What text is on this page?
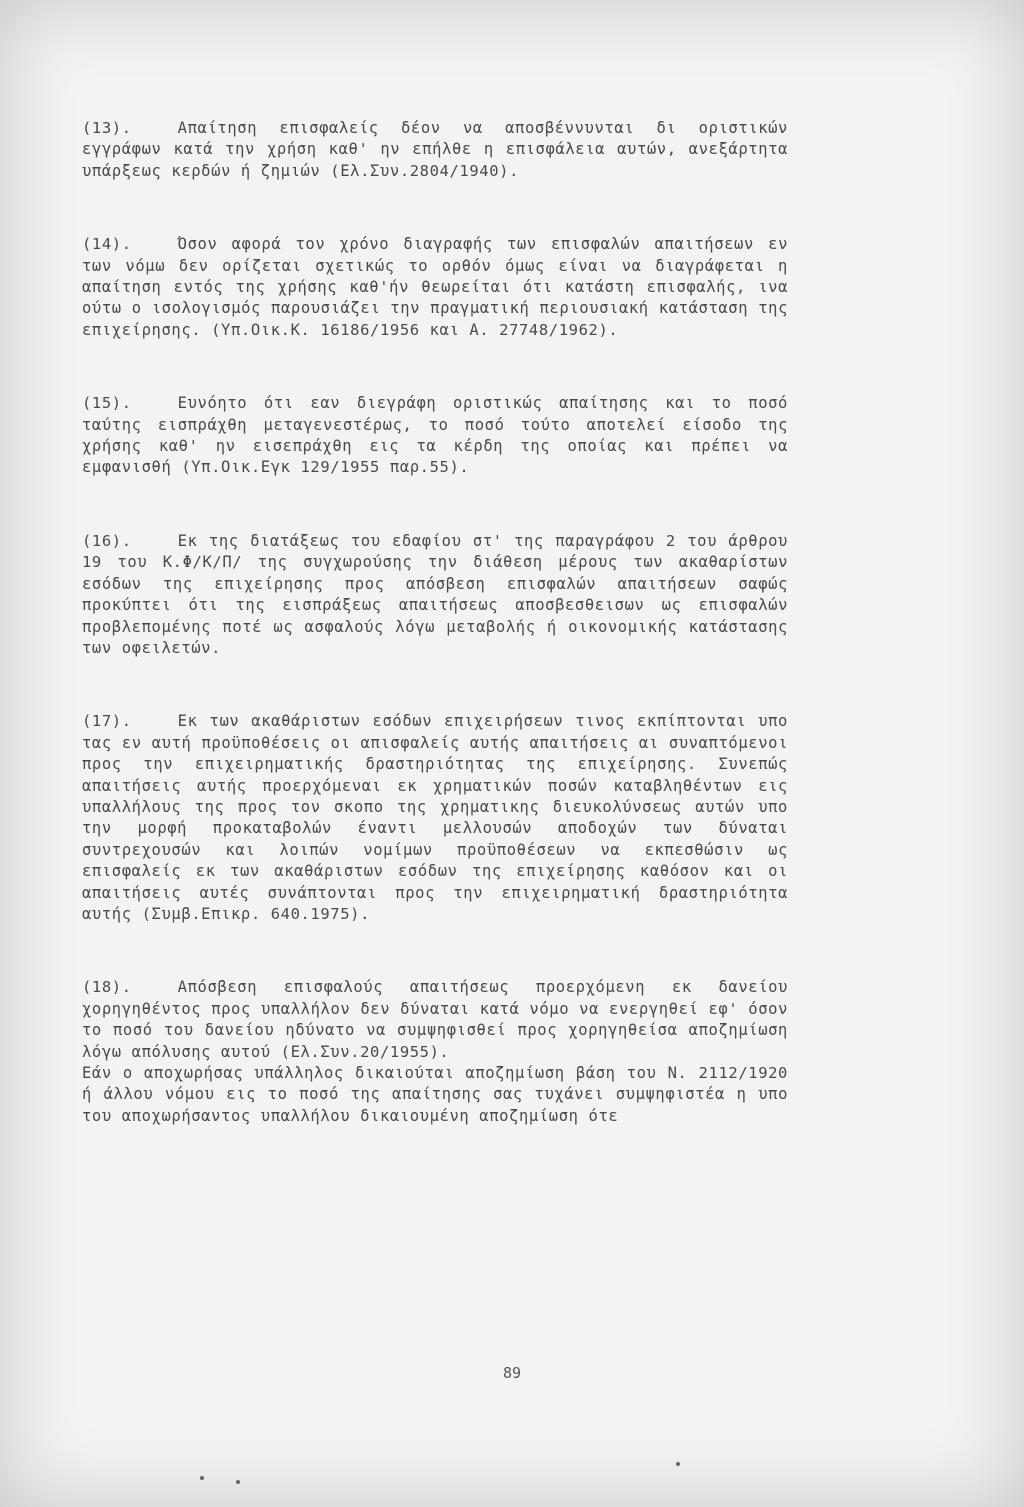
(13).	Απαίτηση επισφαλείς δέον να αποσβέννυνται δι οριστικών εγγράφων κατά την χρήση καθ' ην επήλθε η επισφάλεια αυτών, ανεξάρτητα υπάρξεως κερδών ή ζημιών (Ελ.Συν.2804/1940).

(14).	Όσον αφορά τον χρόνο διαγραφής των επισφαλών απαιτήσεων εν των νόμω δεν ορίζεται σχετικώς το ορθόν όμως είναι να διαγράφεται η απαίτηση εντός της χρήσης καθ'ήν θεωρείται ότι κατάστη επισφαλής, ινα ούτω ο ισολογισμός παρουσιάζει την πραγματική περιουσιακή κατάσταση της επιχείρησης. (Υπ.Οικ.Κ. 16186/1956 και Α. 27748/1962).

(15).	Ευνόητο ότι εαν διεγράφη οριστικώς απαίτησης και το ποσό ταύτης εισπράχθη μεταγενεστέρως, το ποσό τούτο αποτελεί είσοδο της χρήσης καθ' ην εισεπράχθη εις τα κέρδη της οποίας και πρέπει να εμφανισθή (Υπ.Οικ.Εγκ 129/1955 παρ.55).

(16).	Εκ της διατάξεως του εδαφίου στ' της παραγράφου 2 του άρθρου 19 του Κ.Φ/Κ/Π/ της συγχωρούσης την διάθεση μέρους των ακαθαρίστων εσόδων της επιχείρησης προς απόσβεση επισφαλών απαιτήσεων σαφώς προκύπτει ότι της εισπράξεως απαιτήσεως αποσβεσθεισων ως επισφαλών προβλεπομένης ποτέ ως ασφαλούς λόγω μεταβολής ή οικονομικής κατάστασης των οφειλετών.

(17).	Εκ των ακαθάριστων εσόδων επιχειρήσεων τινος εκπίπτονται υπο τας εν αυτή προϋποθέσεις οι απισφαλείς αυτής απαιτήσεις αι συναπτόμενοι προς την επιχειρηματικής δραστηριότητας της επιχείρησης. Συνεπώς απαιτήσεις αυτής προερχόμεναι εκ χρηματικών ποσών καταβληθέντων εις υπαλλήλους της προς τον σκοπο της χρηματικης διευκολύνσεως αυτών υπο την μορφή προκαταβολών έναντι μελλουσών αποδοχών των δύναται συντρεχουσών και λοιπών νομίμων προϋποθέσεων να εκπεσθώσιν ως επισφαλείς εκ των ακαθάριστων εσόδων της επιχείρησης καθόσον και οι απαιτήσεις αυτές συνάπτονται προς την επιχειρηματική δραστηριότητα αυτής (Συμβ.Επικρ. 640.1975).

(18).	Απόσβεση επισφαλούς απαιτήσεως προερχόμενη εκ δανείου χορηγηθέντος προς υπαλλήλον δεν δύναται κατά νόμο να ενεργηθεί εφ' όσον το ποσό του δανείου ηδύνατο να συμψηφισθεί προς χορηγηθείσα αποζημίωση λόγω απόλυσης αυτού (Ελ.Συν.20/1955).

Εάν ο αποχωρήσας υπάλληλος δικαιούται αποζημίωση βάση του Ν. 2112/1920 ή άλλου νόμου εις το ποσό της απαίτησης σας τυχάνει συμψηφιστέα η υπο του αποχωρήσαντος υπαλλήλου δικαιουμένη αποζημίωση ότε

89
